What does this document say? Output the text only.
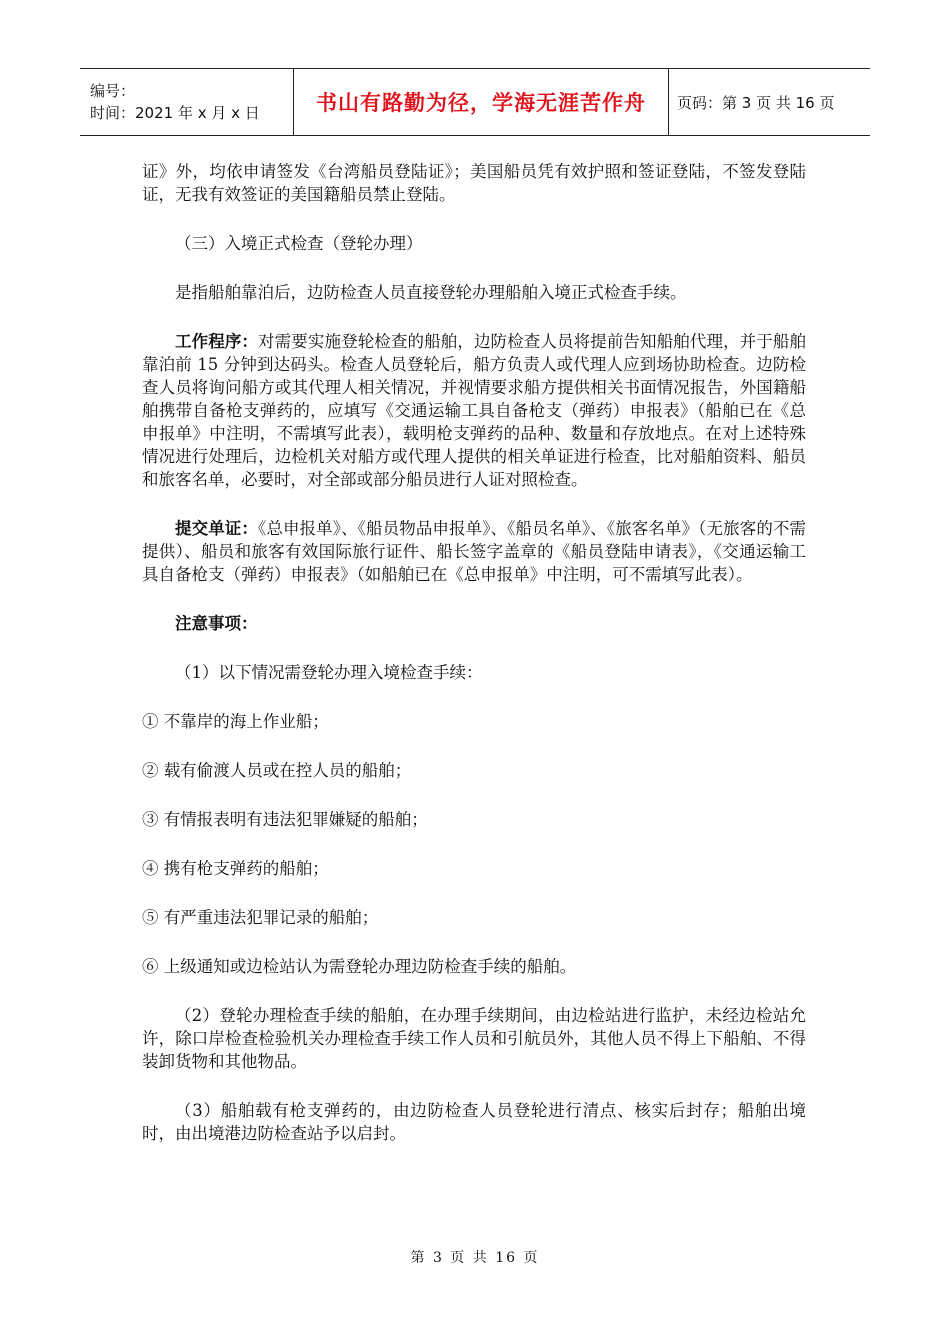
编号：
时间：2021 年 x 月 x 日	书山有路勤为径，学海无涯苦作舟	页码：第 3 页 共 16 页

证》外，均依申请签发《台湾船员登陆证》；美国船员凭有效护照和签证登陆，不签发登陆证，无我有效签证的美国籍船员禁止登陆。

（三）入境正式检查（登轮办理）

是指船舶靠泊后，边防检查人员直接登轮办理船舶入境正式检查手续。

工作程序：对需要实施登轮检查的船舶，边防检查人员将提前告知船舶代理，并于船舶靠泊前 15 分钟到达码头。检查人员登轮后，船方负责人或代理人应到场协助检查。边防检查人员将询问船方或其代理人相关情况，并视情要求船方提供相关书面情况报告，外国籍船舶携带自备枪支弹药的，应填写《交通运输工具自备枪支（弹药）申报表》（船舶已在《总申报单》中注明，不需填写此表），载明枪支弹药的品种、数量和存放地点。在对上述特殊情况进行处理后，边检机关对船方或代理人提供的相关单证进行检查，比对船舶资料、船员和旅客名单，必要时，对全部或部分船员进行人证对照检查。

提交单证：《总申报单》、《船员物品申报单》、《船员名单》、《旅客名单》（无旅客的不需提供）、船员和旅客有效国际旅行证件、船长签字盖章的《船员登陆申请表》，《交通运输工具自备枪支（弹药）申报表》（如船舶已在《总申报单》中注明，可不需填写此表）。

注意事项：

（1）以下情况需登轮办理入境检查手续：

① 不靠岸的海上作业船；

② 载有偷渡人员或在控人员的船舶；

③ 有情报表明有违法犯罪嫌疑的船舶；

④ 携有枪支弹药的船舶；

⑤ 有严重违法犯罪记录的船舶；

⑥ 上级通知或边检站认为需登轮办理边防检查手续的船舶。

（2）登轮办理检查手续的船舶，在办理手续期间，由边检站进行监护，未经边检站允许，除口岸检查检验机关办理检查手续工作人员和引航员外，其他人员不得上下船舶、不得装卸货物和其他物品。

（3）船舶载有枪支弹药的，由边防检查人员登轮进行清点、核实后封存；船舶出境时，由出境港边防检查站予以启封。

第 3 页 共 16 页
